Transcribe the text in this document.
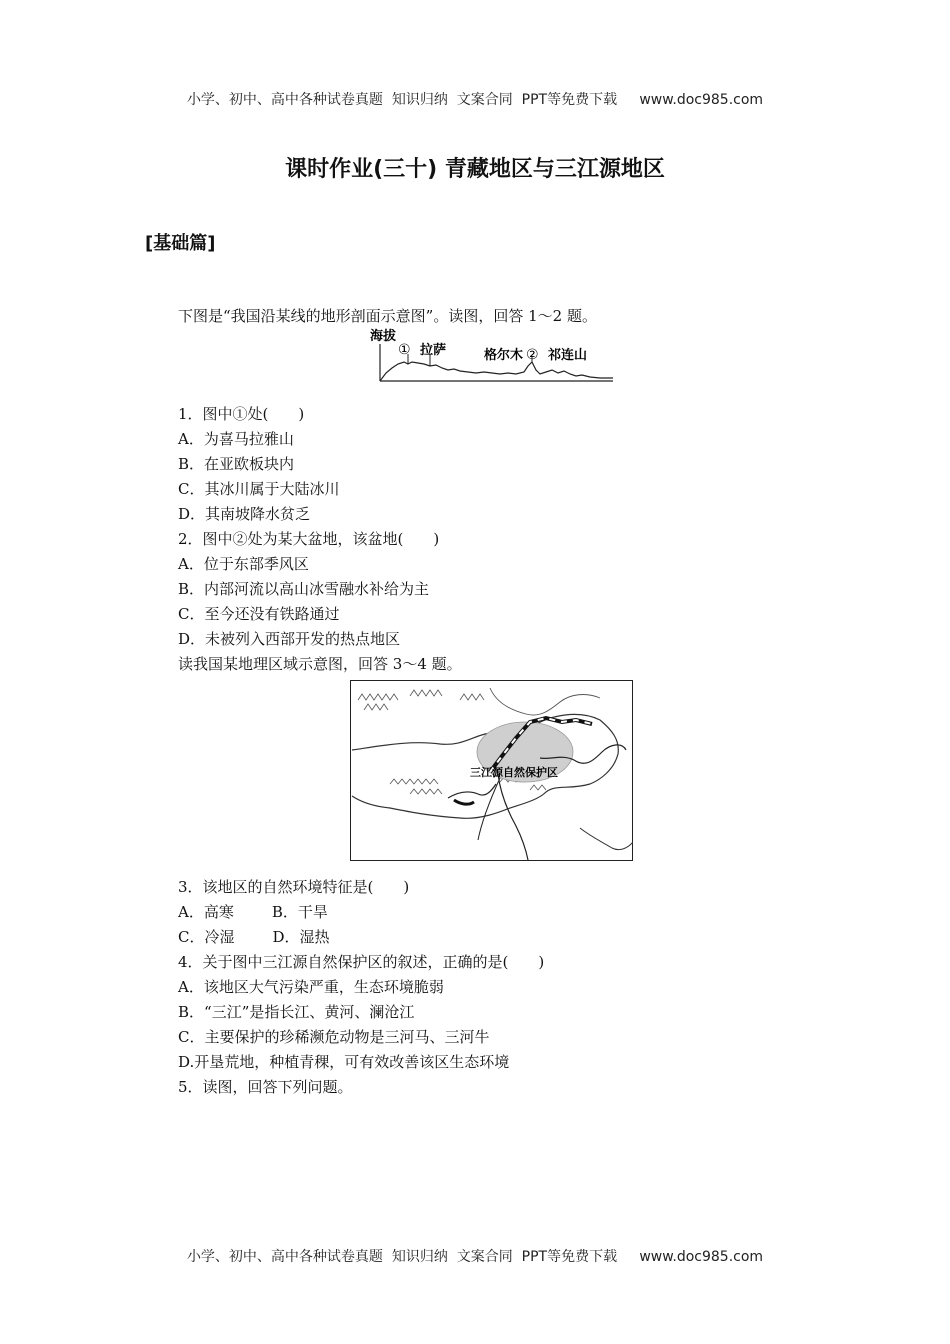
小学、初中、高中各种试卷真题  知识归纳  文案合同  PPT等免费下载     www.doc985.com
课时作业(三十) 青藏地区与三江源地区
[基础篇]
下图是“我国沿某线的地形剖面示意图”。读图，回答 1～2 题。
海拔
① 拉萨	格尔木 ② 祁连山
1．图中①处(　　)
A．为喜马拉雅山
B．在亚欧板块内
C．其冰川属于大陆冰川
D．其南坡降水贫乏
2．图中②处为某大盆地，该盆地(　　)
A．位于东部季风区
B．内部河流以高山冰雪融水补给为主
C．至今还没有铁路通过
D．未被列入西部开发的热点地区
读我国某地理区域示意图，回答 3～4 题。
三江源自然保护区
3．该地区的自然环境特征是(　　)
A．高寒	B．干旱
C．冷湿	D．湿热
4．关于图中三江源自然保护区的叙述，正确的是(　　)
A．该地区大气污染严重，生态环境脆弱
B．“三江”是指长江、黄河、澜沧江
C．主要保护的珍稀濒危动物是三河马、三河牛
D.开垦荒地，种植青稞，可有效改善该区生态环境
5．读图，回答下列问题。
小学、初中、高中各种试卷真题  知识归纳  文案合同  PPT等免费下载     www.doc985.com
